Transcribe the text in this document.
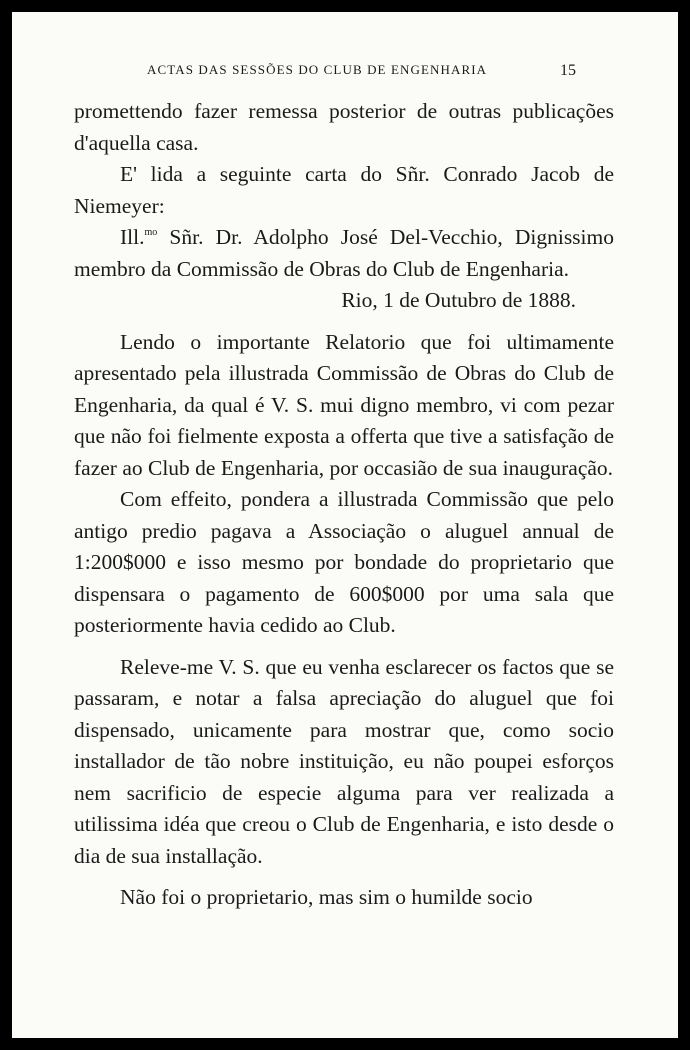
ACTAS DAS SESSÕES DO CLUB DE ENGENHARIA	15

promettendo fazer remessa posterior de outras publicações d'aquella casa.

E' lida a seguinte carta do Sñr. Conrado Jacob de Niemeyer:

Ill.$^{mo}$ Sñr. Dr. Adolpho José Del-Vecchio, Dignissimo membro da Commissão de Obras do Club de Engenharia.

Rio, 1 de Outubro de 1888.

Lendo o importante Relatorio que foi ultimamente apresentado pela illustrada Commissão de Obras do Club de Engenharia, da qual é V. S. mui digno membro, vi com pezar que não foi fielmente exposta a offerta que tive a satisfação de fazer ao Club de Engenharia, por occasião de sua inauguração.

Com effeito, pondera a illustrada Commissão que pelo antigo predio pagava a Associação o aluguel annual de 1:200$000 e isso mesmo por bondade do proprietario que dispensara o pagamento de 600$000 por uma sala que posteriormente havia cedido ao Club.

Releve-me V. S. que eu venha esclarecer os factos que se passaram, e notar a falsa apreciação do aluguel que foi dispensado, unicamente para mostrar que, como socio installador de tão nobre instituição, eu não poupei esforços nem sacrificio de especie alguma para ver realizada a utilissima idéa que creou o Club de Engenharia, e isto desde o dia de sua installação.

Não foi o proprietario, mas sim o humilde socio
